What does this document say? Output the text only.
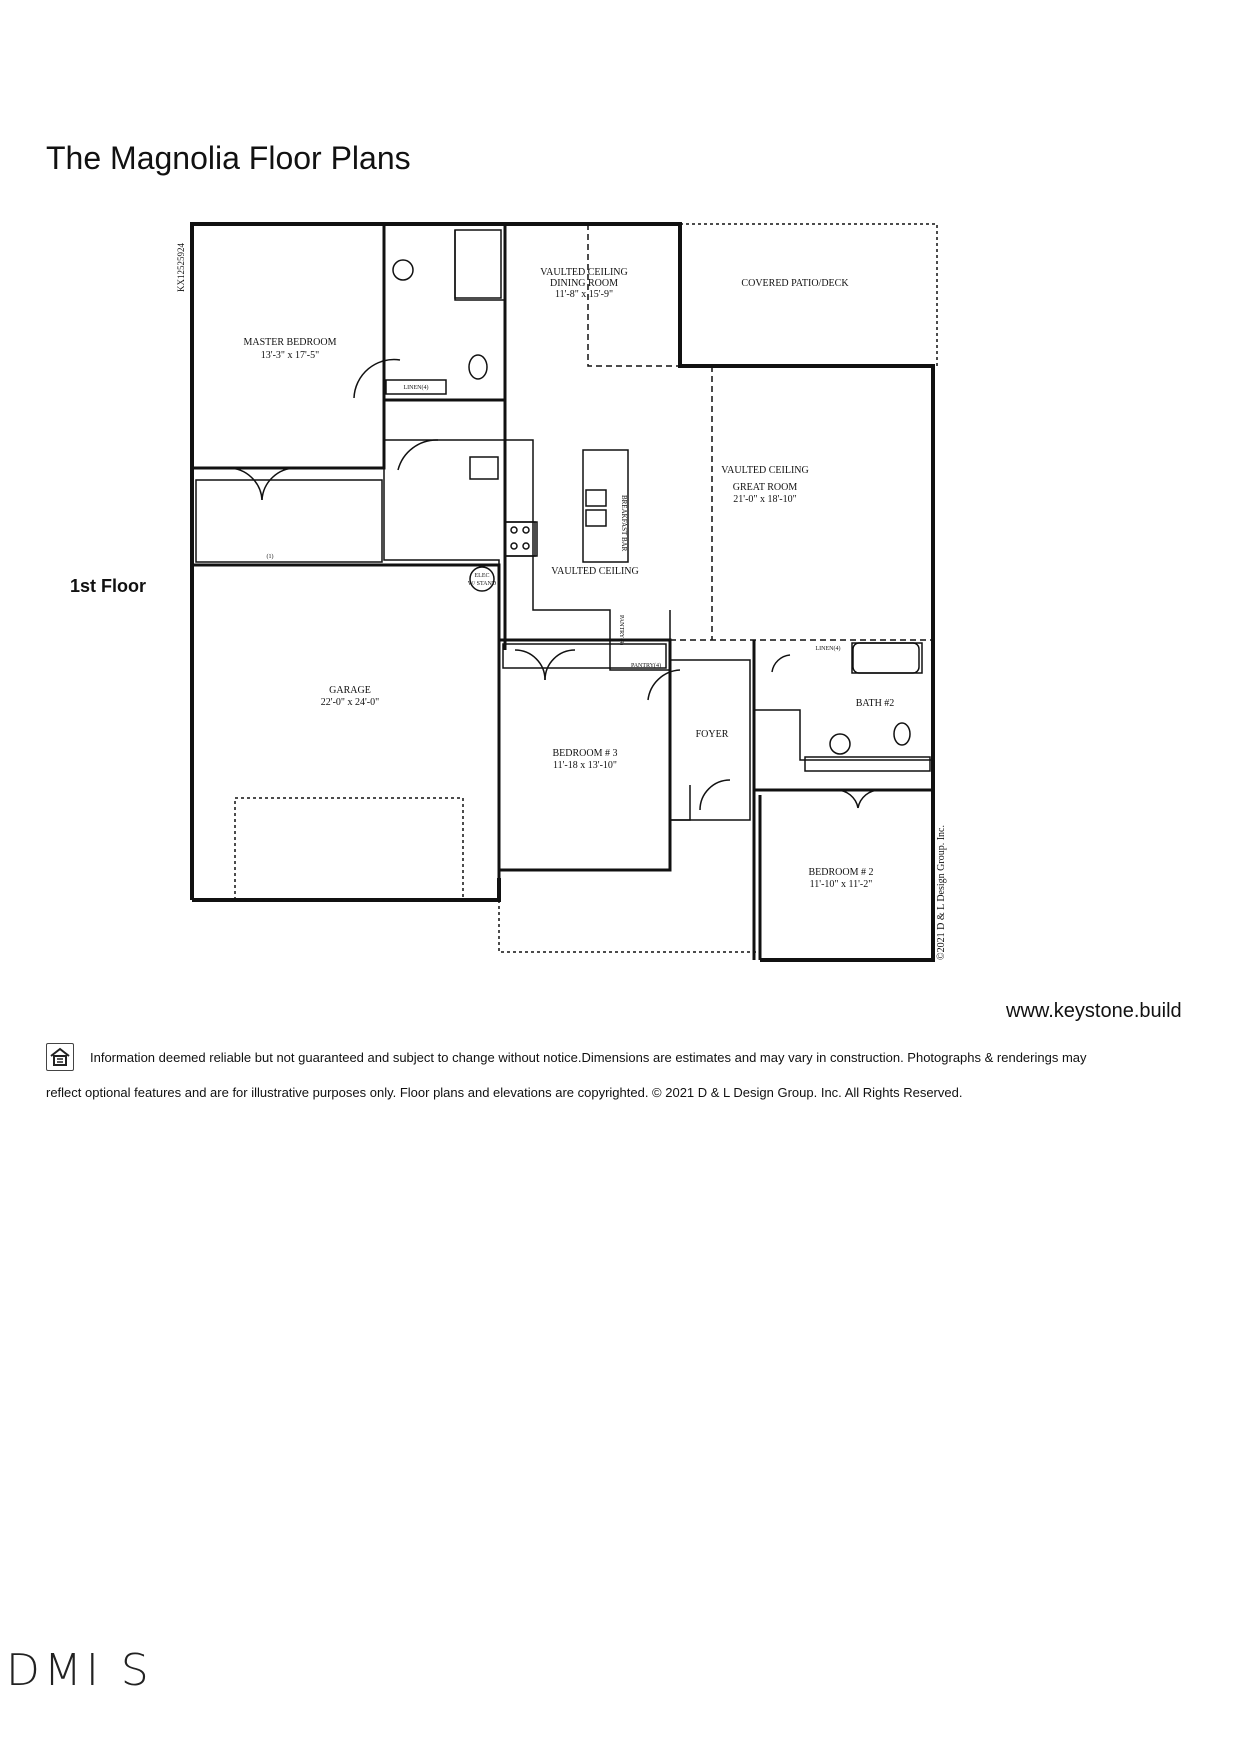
The Magnolia Floor Plans
1st Floor
MASTER BEDROOM
13'-3" x 17'-5"
VAULTED CEILING
DINING ROOM
11'-8" x 15'-9"
COVERED PATIO/DECK
VAULTED CEILING
GREAT ROOM
21'-0" x 18'-10"
VAULTED CEILING
GARAGE
22'-0" x 24'-0"
BEDROOM # 3
11'-18 x 13'-10"
FOYER
BATH #2
BEDROOM # 2
11'-10" x 11'-2"
LINEN(4)
LINEN(4)
PANTRY(4)
(1)
ELEC
W/ STAND
BREAKFAST BAR
PANTRY(4)
KX12525924
©2021 D & L Design Group. Inc.
www.keystone.build
Information deemed reliable but not guaranteed and subject to change without notice.Dimensions are estimates and may vary in construction. Photographs & renderings may
reflect optional features and are for illustrative purposes only. Floor plans and elevations are copyrighted. © 2021 D & L Design Group. Inc. All Rights Reserved.
DMI S
